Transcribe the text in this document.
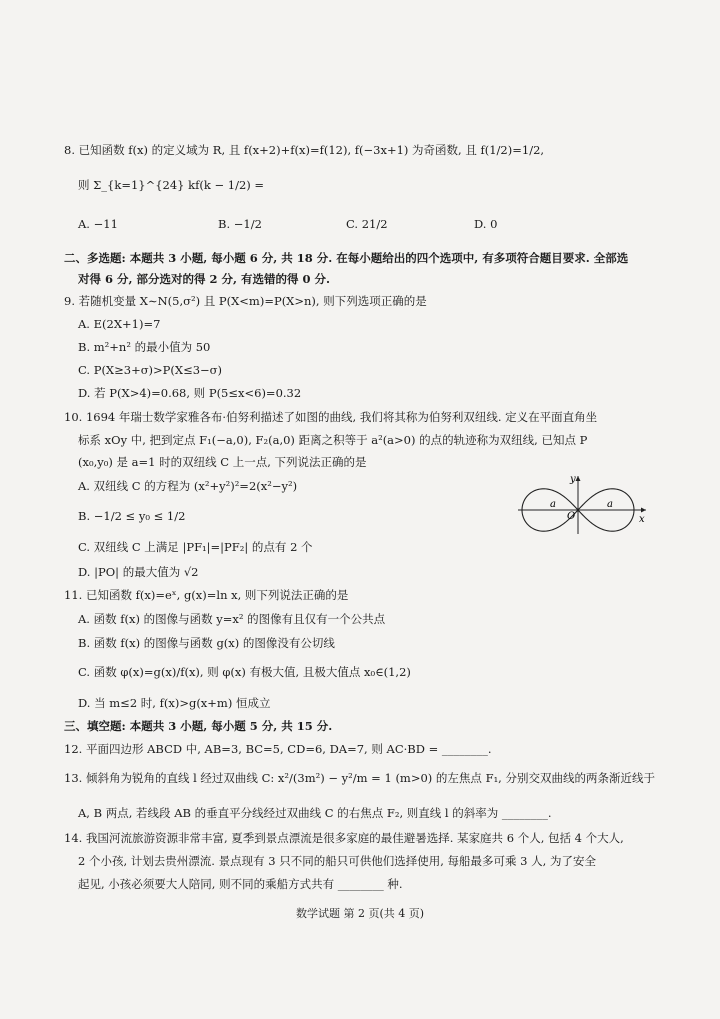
8. 已知函数 f(x) 的定义域为 R, 且 f(x+2)+f(x)=f(12), f(−3x+1) 为奇函数, 且 f(1/2)=1/2,
则 Σ_{k=1}^{24} kf(k − 1/2) =
A. −11	B. −1/2	C. 21/2	D. 0
二、多选题: 本题共 3 小题, 每小题 6 分, 共 18 分. 在每小题给出的四个选项中, 有多项符合题目要求. 全部选
对得 6 分, 部分选对的得 2 分, 有选错的得 0 分.
9. 若随机变量 X∼N(5,σ²) 且 P(X<m)=P(X>n), 则下列选项正确的是
A. E(2X+1)=7
B. m²+n² 的最小值为 50
C. P(X≥3+σ)>P(X≤3−σ)
D. 若 P(X>4)=0.68, 则 P(5≤x<6)=0.32
10. 1694 年瑞士数学家雅各布·伯努利描述了如图的曲线, 我们将其称为伯努利双纽线. 定义在平面直角坐
标系 xOy 中, 把到定点 F₁(−a,0), F₂(a,0) 距离之积等于 a²(a>0) 的点的轨迹称为双纽线, 已知点 P
(x₀,y₀) 是 a=1 时的双纽线 C 上一点, 下列说法正确的是
A. 双纽线 C 的方程为 (x²+y²)²=2(x²−y²)
B. −1/2 ≤ y₀ ≤ 1/2
C. 双纽线 C 上满足 |PF₁|=|PF₂| 的点有 2 个
D. |PO| 的最大值为 √2
a	a
O	x
y
11. 已知函数 f(x)=eˣ, g(x)=ln x, 则下列说法正确的是
A. 函数 f(x) 的图像与函数 y=x² 的图像有且仅有一个公共点
B. 函数 f(x) 的图像与函数 g(x) 的图像没有公切线
C. 函数 φ(x)=g(x)/f(x), 则 φ(x) 有极大值, 且极大值点 x₀∈(1,2)
D. 当 m≤2 时, f(x)>g(x+m) 恒成立
三、填空题: 本题共 3 小题, 每小题 5 分, 共 15 分.
12. 平面四边形 ABCD 中, AB=3, BC=5, CD=6, DA=7, 则 AC·BD = ________.
13. 倾斜角为锐角的直线 l 经过双曲线 C: x²/(3m²) − y²/m = 1 (m>0) 的左焦点 F₁, 分别交双曲线的两条渐近线于
A, B 两点, 若线段 AB 的垂直平分线经过双曲线 C 的右焦点 F₂, 则直线 l 的斜率为 ________.
14. 我国河流旅游资源非常丰富, 夏季到景点漂流是很多家庭的最佳避暑选择. 某家庭共 6 个人, 包括 4 个大人,
2 个小孩, 计划去贵州漂流. 景点现有 3 只不同的船只可供他们选择使用, 每船最多可乘 3 人, 为了安全
起见, 小孩必须要大人陪同, 则不同的乘船方式共有 ________ 种.
数学试题 第 2 页(共 4 页)
